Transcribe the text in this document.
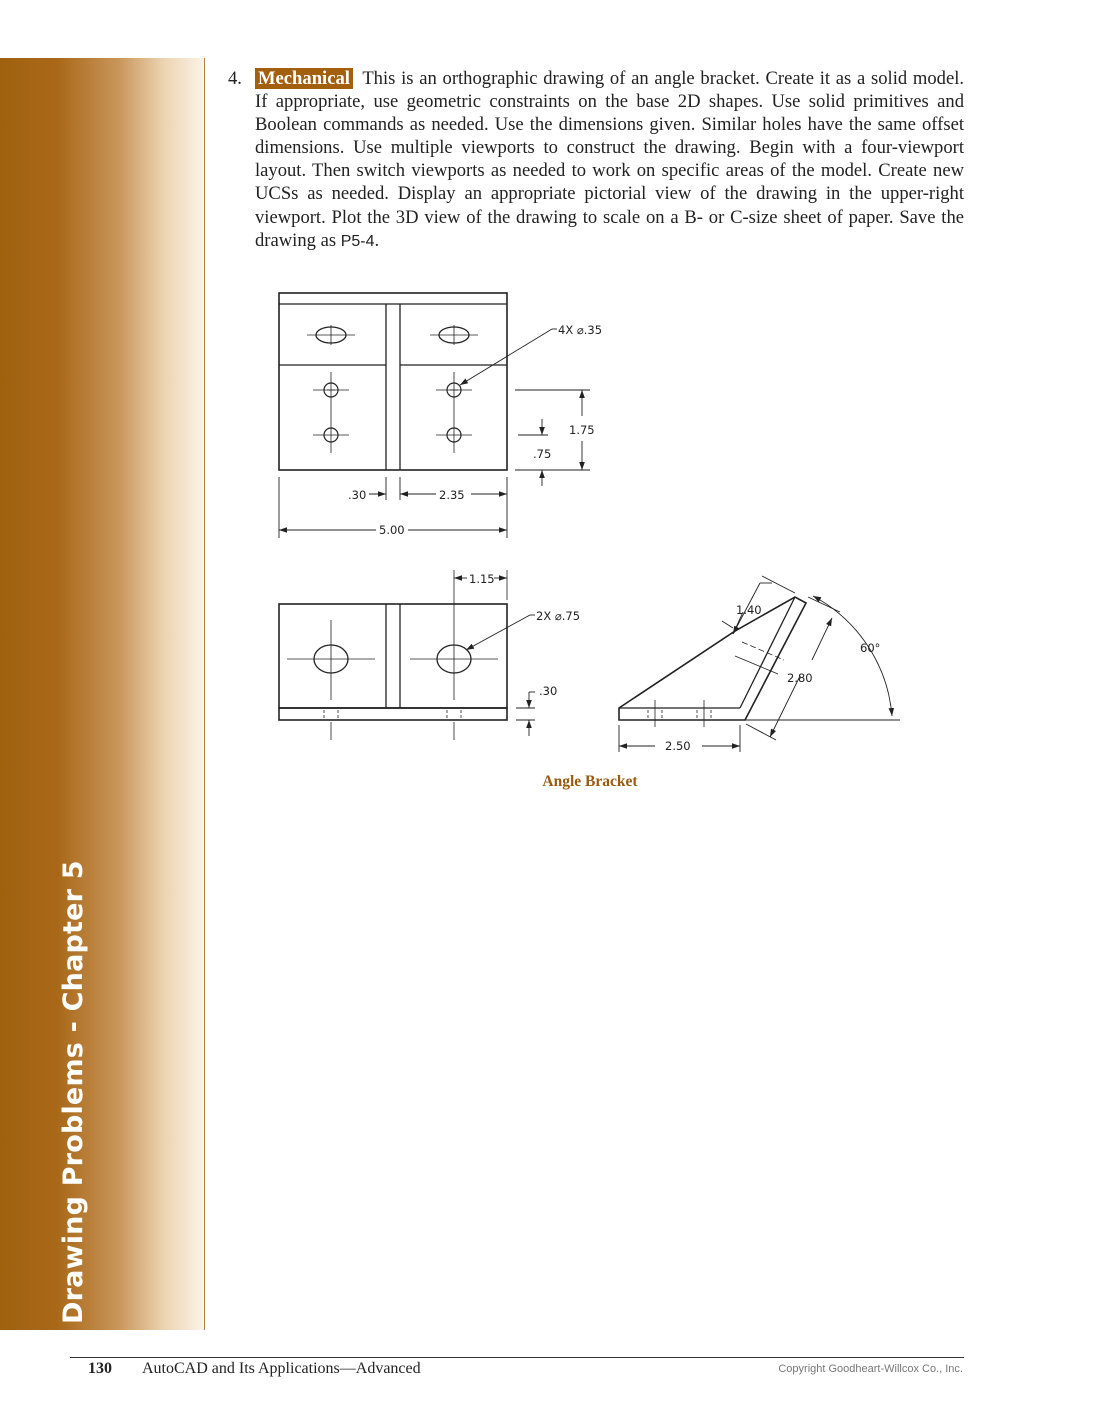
Drawing Problems - Chapter 5
4. Mechanical This is an orthographic drawing of an angle bracket. Create it as a solid model. If appropriate, use geometric constraints on the base 2D shapes. Use solid primitives and Boolean commands as needed. Use the dimensions given. Similar holes have the same offset dimensions. Use multiple viewports to construct the drawing. Begin with a four-viewport layout. Then switch viewports as needed to work on specific areas of the model. Create new UCSs as needed. Display an appropriate pictorial view of the drawing in the upper-right viewport. Plot the 3D view of the drawing to scale on a B- or C-size sheet of paper. Save the drawing as P5-4.
4X ⌀.35
1.75
.75
.30	2.35
5.00
1.15
2X ⌀.75
.30
1.40
2.80
60°
2.50
Angle Bracket
130 AutoCAD and Its Applications—Advanced	Copyright Goodheart-Willcox Co., Inc.
